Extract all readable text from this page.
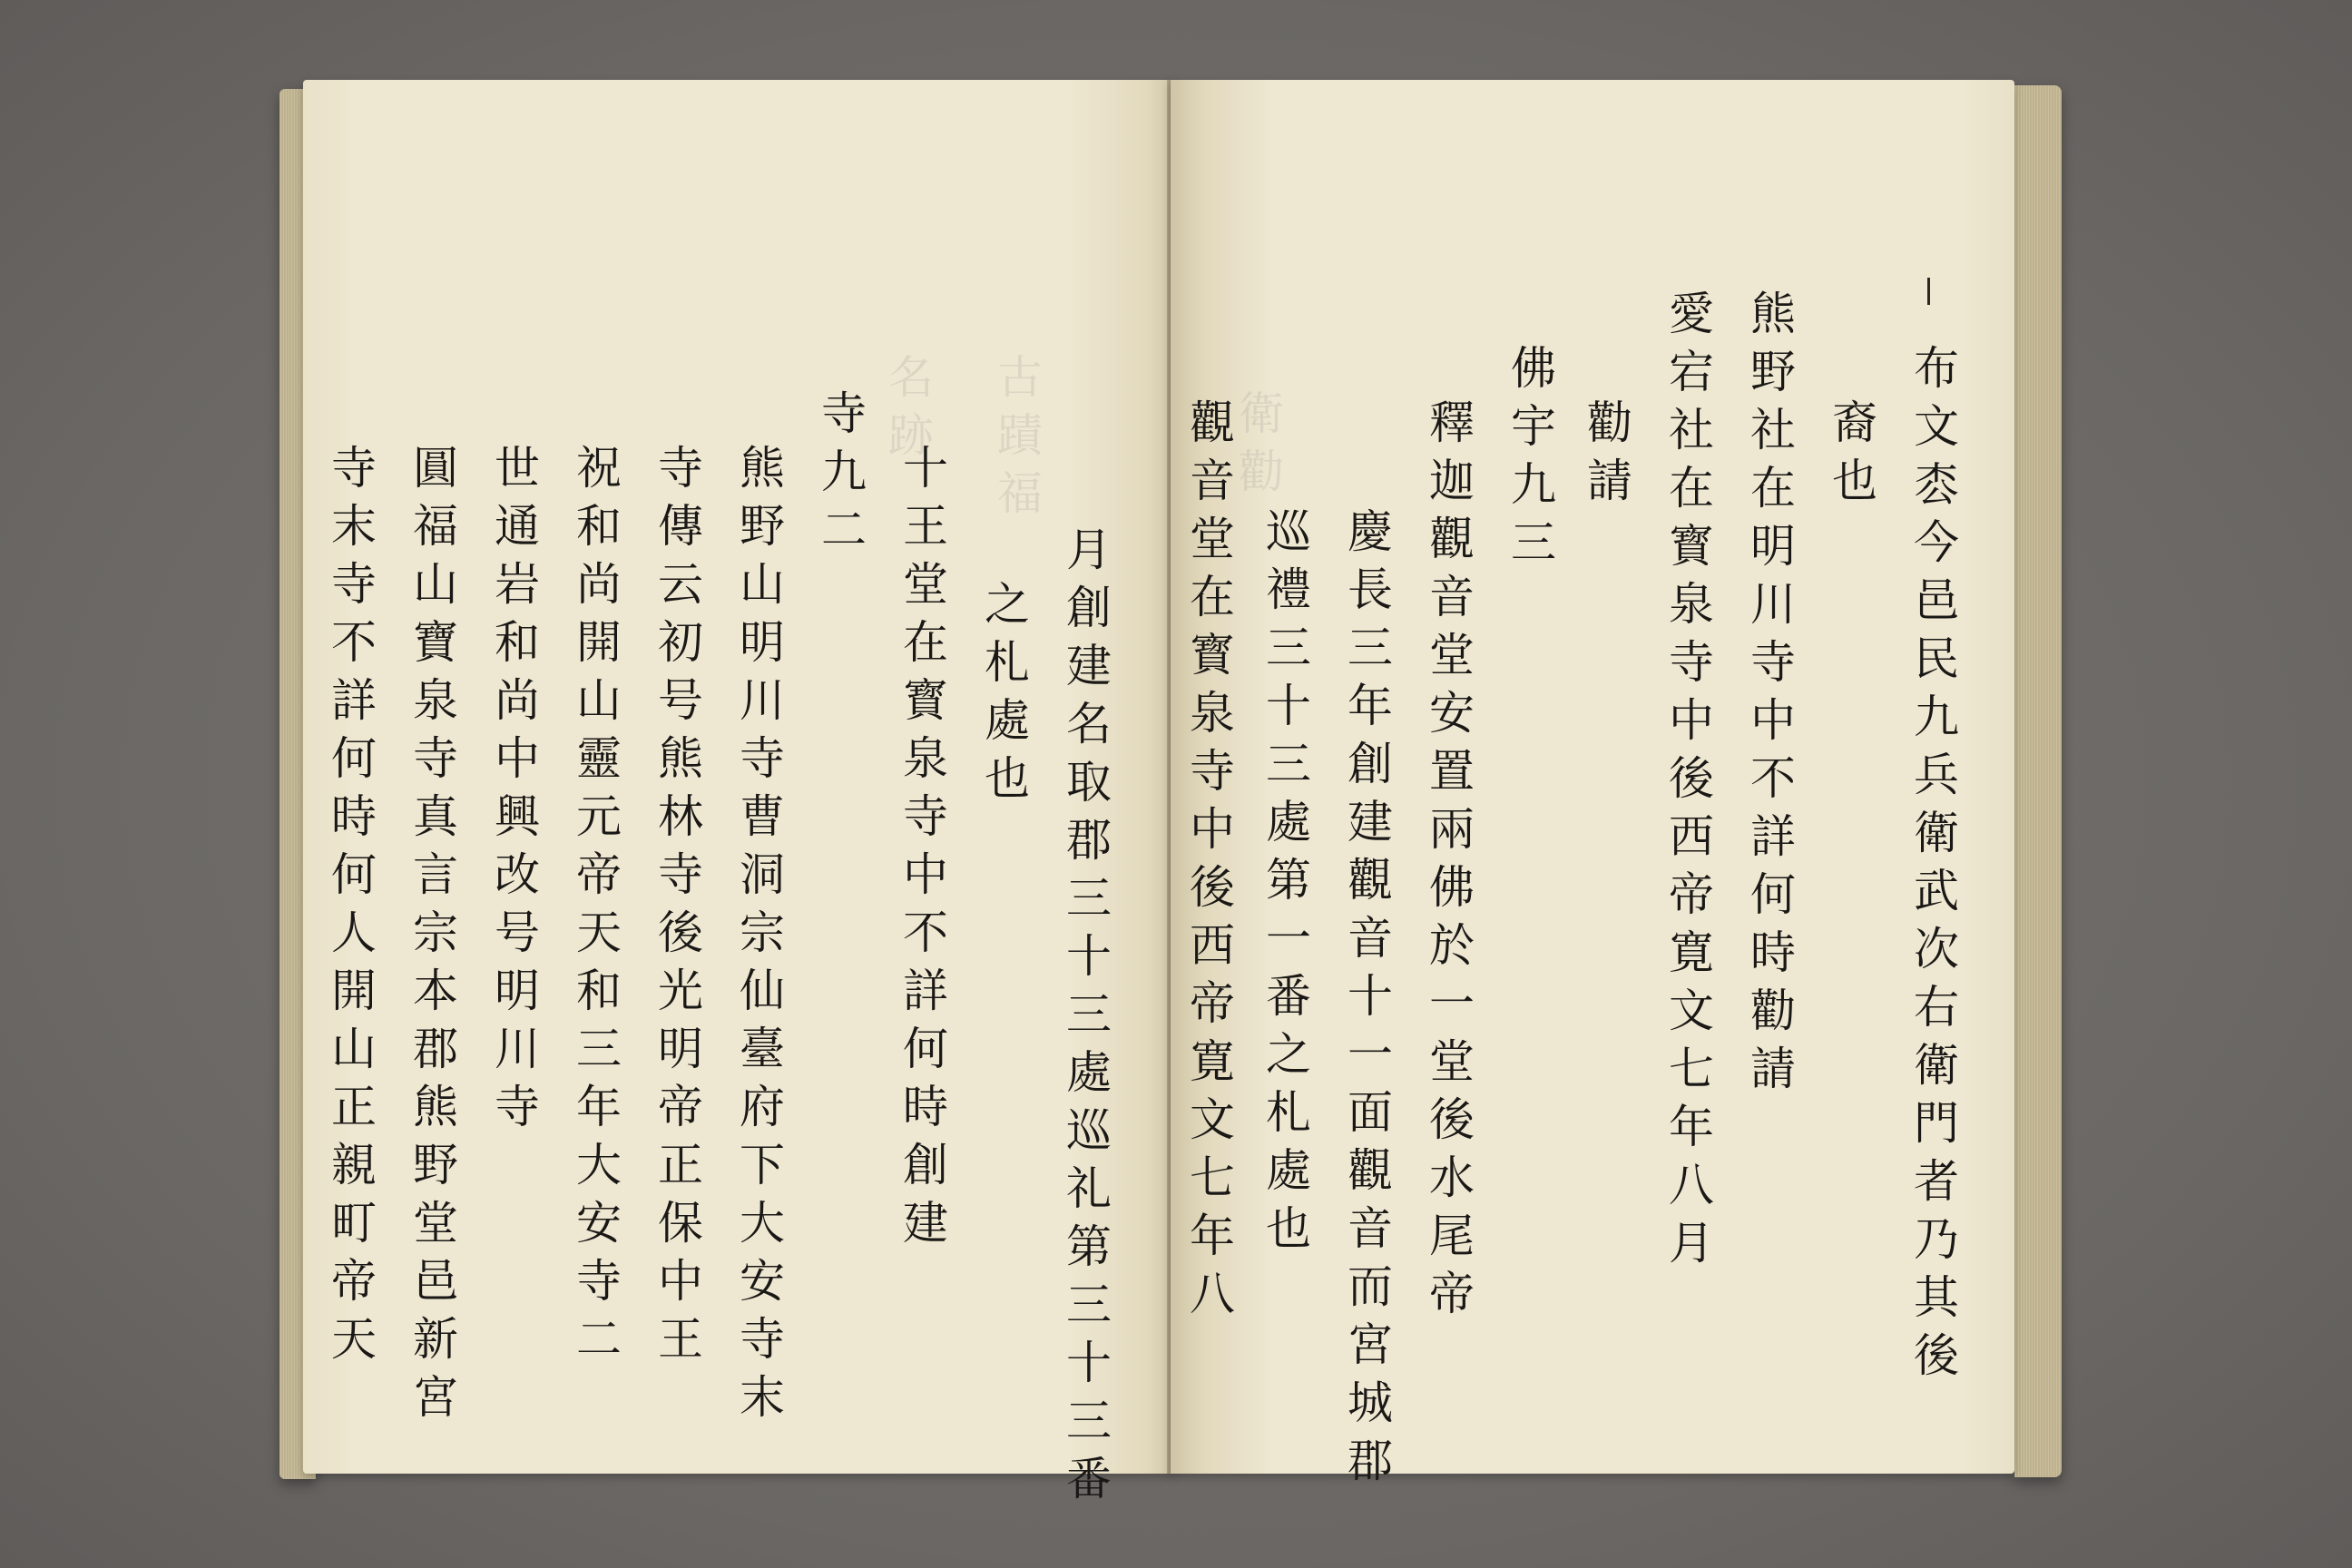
古
蹟
福
名
跡
月
創
建
名
取
郡
三
十
三
處
巡
礼
第
三
十
三
番
之
札
處
也
十
王
堂
在
寳
泉
寺
中
不
詳
何
時
創
建
寺
九
二
熊
野
山
明
川
寺
曹
洞
宗
仙
臺
府
下
大
安
寺
末
寺
傳
云
初
号
熊
林
寺
後
光
明
帝
正
保
中
王
祝
和
尚
開
山
靈
元
帝
天
和
三
年
大
安
寺
二
世
通
岩
和
尚
中
興
改
号
明
川
寺
圓
福
山
寶
泉
寺
真
言
宗
本
郡
熊
野
堂
邑
新
宮
寺
末
寺
不
詳
何
時
何
人
開
山
正
親
町
帝
天
衛
勸
布
文
枩
今
邑
民
九
兵
衛
武
次
右
衛
門
者
乃
其
後
裔
也
熊
野
社
在
明
川
寺
中
不
詳
何
時
勸
請
愛
宕
社
在
寳
泉
寺
中
後
西
帝
寛
文
七
年
八
月
勸
請
佛
宇
九
三
釋
迦
觀
音
堂
安
置
兩
佛
於
一
堂
後
水
尾
帝
慶
長
三
年
創
建
觀
音
十
一
面
觀
音
而
宮
城
郡
巡
禮
三
十
三
處
第
一
番
之
札
處
也
觀
音
堂
在
寳
泉
寺
中
後
西
帝
寛
文
七
年
八
